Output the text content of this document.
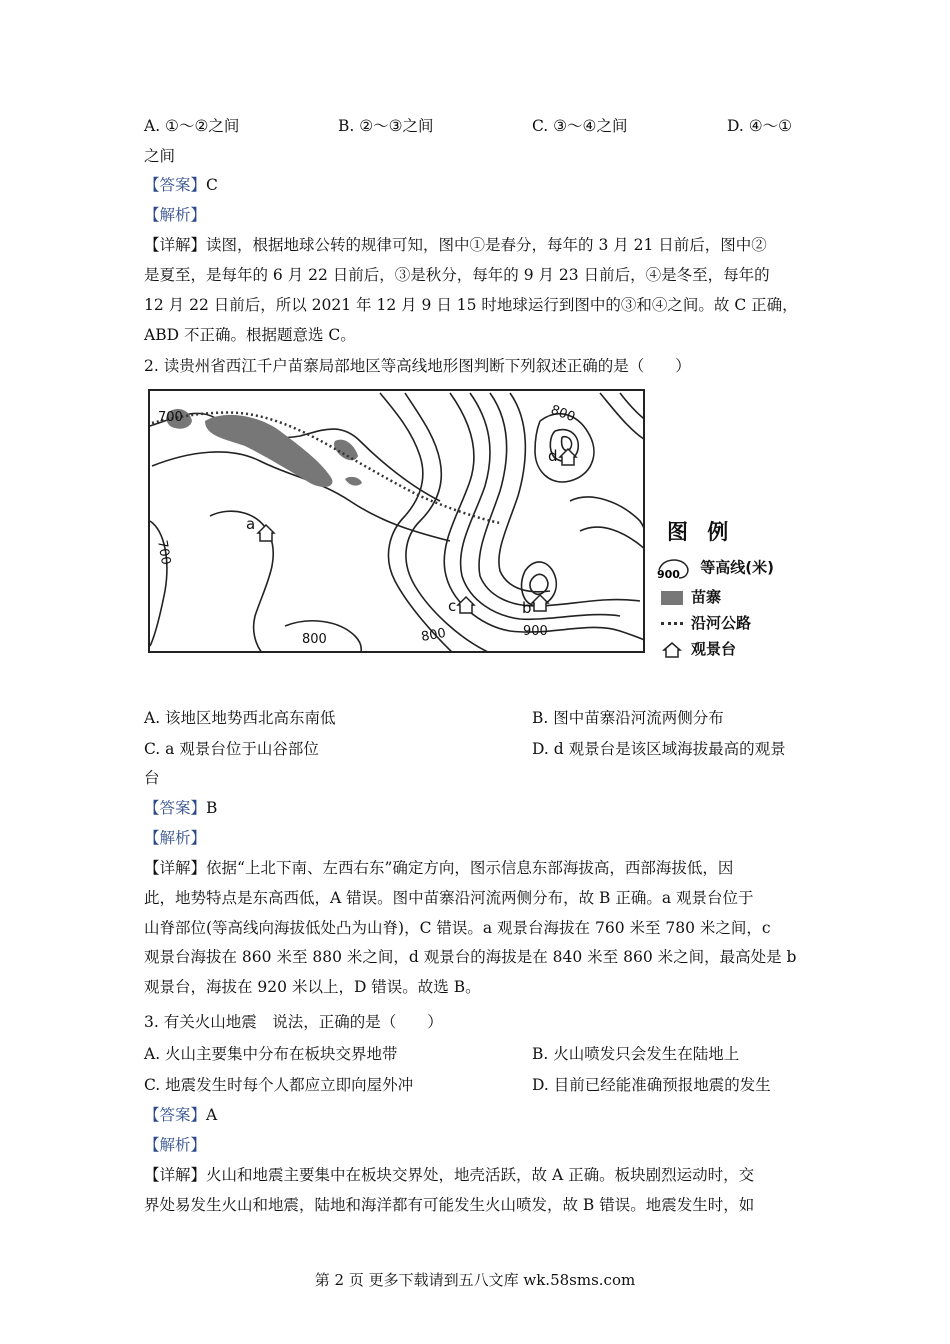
A. ①～②之间	B. ②～③之间	C. ③～④之间	D. ④～①
之间
【答案】C
【解析】
【详解】读图，根据地球公转的规律可知，图中①是春分，每年的 3 月 21 日前后，图中②
是夏至，是每年的 6 月 22 日前后，③是秋分，每年的 9 月 23 日前后，④是冬至，每年的
12 月 22 日前后，所以 2021 年 12 月 9 日 15 时地球运行到图中的③和④之间。故 C 正确，
ABD 不正确。根据题意选 C。
2. 读贵州省西江千户苗寨局部地区等高线地形图判断下列叙述正确的是（　　）
700
700
800
800	800	900
a
b
c
d
图 例
900 等高线(米)
苗寨
沿河公路
观景台
A. 该地区地势西北高东南低	B. 图中苗寨沿河流两侧分布
C. a 观景台位于山谷部位	D. d 观景台是该区域海拔最高的观景
台
【答案】B
【解析】
【详解】依据“上北下南、左西右东”确定方向，图示信息东部海拔高，西部海拔低，因
此，地势特点是东高西低，A 错误。图中苗寨沿河流两侧分布，故 B 正确。a 观景台位于
山脊部位(等高线向海拔低处凸为山脊)，C 错误。a 观景台海拔在 760 米至 780 米之间，c
观景台海拔在 860 米至 880 米之间，d 观景台的海拔是在 840 米至 860 米之间，最高处是 b
观景台，海拔在 920 米以上，D 错误。故选 B。
3. 有关火山地震　说法，正确的是（　　）
A. 火山主要集中分布在板块交界地带	B. 火山喷发只会发生在陆地上
C. 地震发生时每个人都应立即向屋外冲	D. 目前已经能准确预报地震的发生
【答案】A
【解析】
【详解】火山和地震主要集中在板块交界处，地壳活跃，故 A 正确。板块剧烈运动时，交
界处易发生火山和地震，陆地和海洋都有可能发生火山喷发，故 B 错误。地震发生时，如
第 2 页 更多下载请到五八文库 wk.58sms.com
